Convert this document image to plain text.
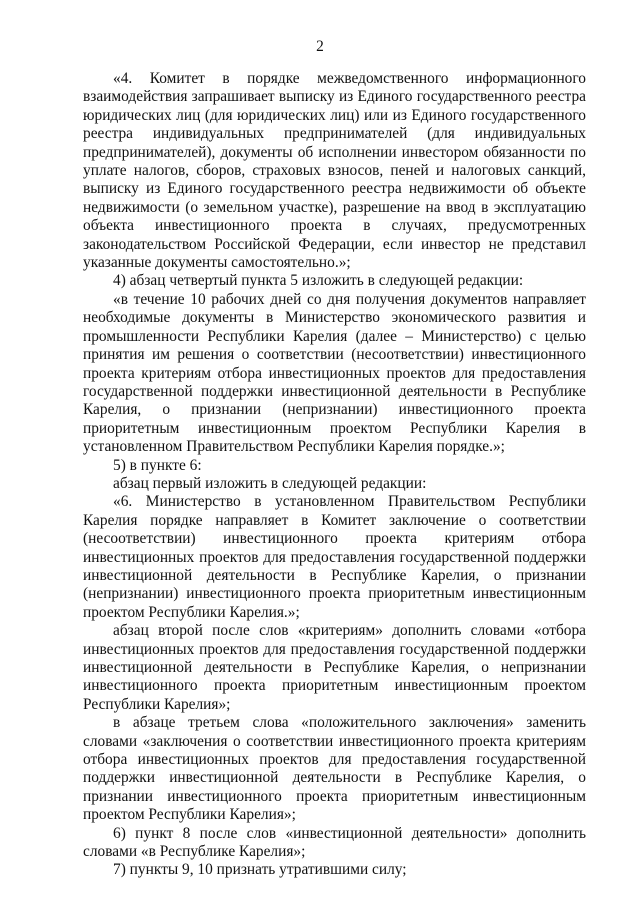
2

«4. Комитет в порядке межведомственного информационного взаимодействия запрашивает выписку из Единого государственного реестра юридических лиц (для юридических лиц) или из Единого государственного реестра индивидуальных предпринимателей (для индивидуальных предпринимателей), документы об исполнении инвестором обязанности по уплате налогов, сборов, страховых взносов, пеней и налоговых санкций, выписку из Единого государственного реестра недвижимости об объекте недвижимости (о земельном участке), разрешение на ввод в эксплуатацию объекта инвестиционного проекта в случаях, предусмотренных законодательством Российской Федерации, если инвестор не представил указанные документы самостоятельно.»;

4) абзац четвертый пункта 5 изложить в следующей редакции:

«в течение 10 рабочих дней со дня получения документов направляет необходимые документы в Министерство экономического развития и промышленности Республики Карелия (далее – Министерство) с целью принятия им решения о соответствии (несоответствии) инвестиционного проекта критериям отбора инвестиционных проектов для предоставления государственной поддержки инвестиционной деятельности в Республике Карелия, о признании (непризнании) инвестиционного проекта приоритетным инвестиционным проектом Республики Карелия в установленном Правительством Республики Карелия порядке.»;

5) в пункте 6:

абзац первый изложить в следующей редакции:

«6. Министерство в установленном Правительством Республики Карелия порядке направляет в Комитет заключение о соответствии (несоответствии) инвестиционного проекта критериям отбора инвестиционных проектов для предоставления государственной поддержки инвестиционной деятельности в Республике Карелия, о признании (непризнании) инвестиционного проекта приоритетным инвестиционным проектом Республики Карелия.»;

абзац второй после слов «критериям» дополнить словами «отбора инвестиционных проектов для предоставления государственной поддержки инвестиционной деятельности в Республике Карелия, о непризнании инвестиционного проекта приоритетным инвестиционным проектом Республики Карелия»;

в абзаце третьем слова «положительного заключения» заменить словами «заключения о соответствии инвестиционного проекта критериям отбора инвестиционных проектов для предоставления государственной поддержки инвестиционной деятельности в Республике Карелия, о признании инвестиционного проекта приоритетным инвестиционным проектом Республики Карелия»;

6) пункт 8 после слов «инвестиционной деятельности» дополнить словами «в Республике Карелия»;

7) пункты 9, 10 признать утратившими силу;
